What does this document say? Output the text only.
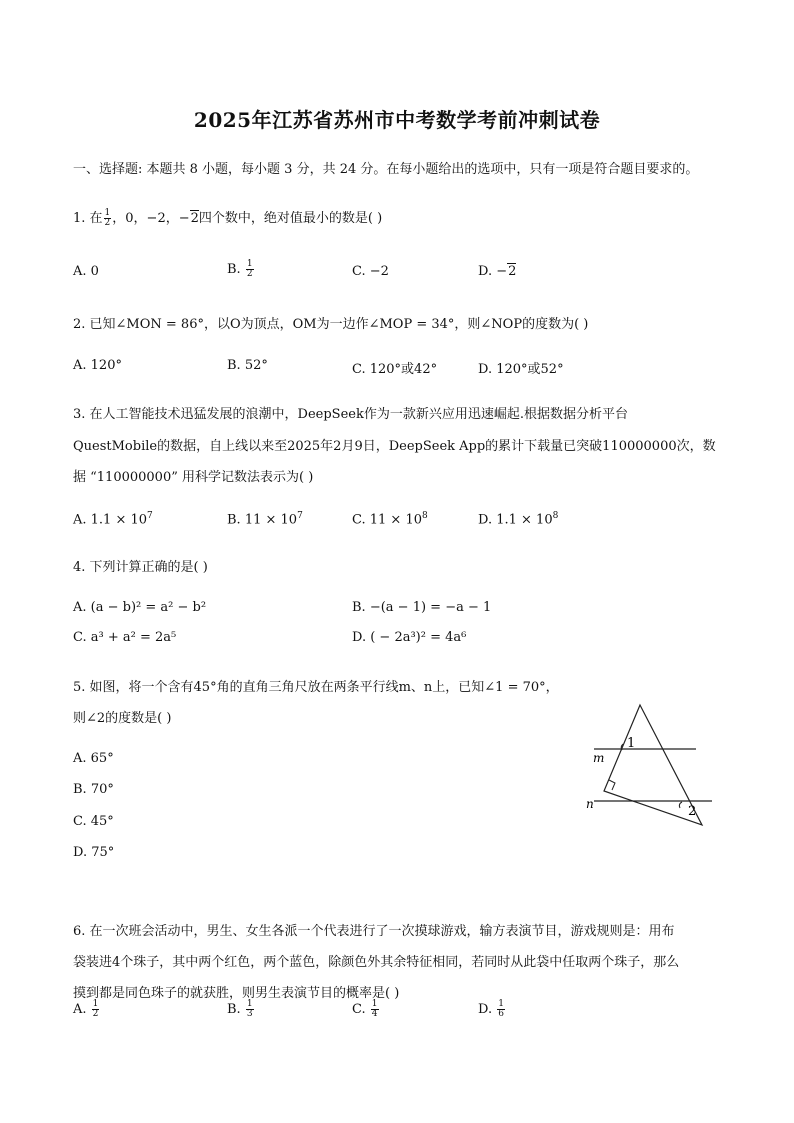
2025年江苏省苏州市中考数学考前冲刺试卷
一、选择题: 本题共 8 小题，每小题 3 分，共 24 分。在每小题给出的选项中，只有一项是符合题目要求的。
1. 在 $\frac{1}{2}$ ，0，−2，−2四个数中，绝对值最小的数是( )
A. 0	B. $\frac{1}{2}$	C. −2	D. −2
2. 已知∠MON = 86°，以O为顶点，OM为一边作∠MOP = 34°，则∠NOP的度数为( )
A. 120°	B. 52°	C. 120°或42°	D. 120°或52°
3. 在人工智能技术迅猛发展的浪潮中，DeepSeek作为一款新兴应用迅速崛起.根据数据分析平台
QuestMobile的数据，自上线以来至2025年2月9日，DeepSeek App的累计下载量已突破110000000次，数
据 “110000000” 用科学记数法表示为( )
A. $1.1 \times 10^7$	B. $11 \times 10^7$	C. $11 \times 10^8$	D. $1.1 \times 10^8$
4. 下列计算正确的是( )
A. (a − b)² = a² − b²	B. −(a − 1) = −a − 1
C. a³ + a² = 2a⁵	D. ( − 2a³)² = 4a⁶
5. 如图，将一个含有45°角的直角三角尺放在两条平行线m、n上，已知∠1 = 70°，
则∠2的度数是( )
A. 65°
B. 70°
C. 45°
D. 75°
1
2
m
n
6. 在一次班会活动中，男生、女生各派一个代表进行了一次摸球游戏，输方表演节目，游戏规则是：用布
袋装进4个珠子，其中两个红色，两个蓝色，除颜色外其余特征相同，若同时从此袋中任取两个珠子，那么
摸到都是同色珠子的就获胜，则男生表演节目的概率是( )
A. $\frac{1}{2}$	B. $\frac{1}{3}$	C. $\frac{1}{4}$	D. $\frac{1}{6}$
